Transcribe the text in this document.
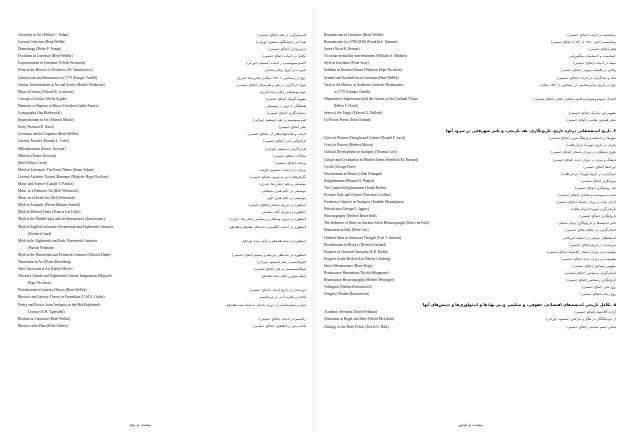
Creativity in Art (Milton C. Nahm)	آفرینش‌گری در هنر (صالح حسینی)
Literary Criticism (René Wellek)	نقد ادبی (جهانبگلو، مسعود جوزانی)
Dramaturgy (Helen P. Trimpi)	درام‌پردازی (صالح حسینی)
Evolution in Literature (René Wellek)	تکامل در ادبیات (صالح حسینی)
Expressionism in Literature (Ulrich Weisstein)	اکسپرسیونیسم در ادبیات (مسعود جوزانی)
Form in the History of Aesthetics (W. Tatarkiewicz)	صورت در تاریخ زیبایی‌شناسی
Genius from the Renaissance to 1770 (Giorgio Tonelli)	نبوغ از رنسانس تا ۱۷۷۰ میلادی (علی‌رضا حیدری)
Genius: Individualism in Art and Artists (Rudolf Wittkower)	نبوغ: فردگرایی در هنر و هنرمندان (صالح حسینی)
Musical Genius (Edward E. Lowinsky)	نبوغ موسیقایی (علی‌رضا حیدری)
Concept of Gothic (Wylie Sypher)	مفهوم گوتیک (صالح حسینی)
Harmony or Rapture in Music (Gretchen Ludke Finney)	هماهنگی یا شور در موسیقی
Iconography (Jan Białostocki)	شمایل‌نگاری (صالح حسینی)
Impressionism in Art (Thomas Munro)	امپرسیونیسم در هنر (مسعود جوزانی)
Irony (Norman D. Knox)	طنز (صالح حسینی)
Literature and Its Cognates (René Wellek)	ادبیات و هم‌خانواده‌های آن (صالح حسینی)
Literary Paradox (Rosalie L. Colie)	پارادوکس ادبی (صالح حسینی)
Millenarianism (Ernest Tuveson)	هزاره‌گرایی (مسعود جوزانی)
Mimesis (Ernest Tuveson)	محاکات (صالح حسینی)
Motif (Harry Levin)	بن‌مایه (صالح حسینی)
Motif in Literature: The Faust Theme (Stuart Atkins)	بن‌مایه در ادبیات: مضمون فاوست
Literary Attitudes Toward Mammon (Marjorie Hope Nicolson)	نگرش‌های ادبی به ممون (صالح حسینی)
Music and Science (Claude V. Palisca)	موسیقی و علم (علی‌رضا حیدری)
Music as a Demonic Art (Rolf Weinstock)	موسیقی در حکم هنری شیطانی
Music as a Divine Art (Rolf Weinstock)	موسیقی در حکم هنری الهی
Myth in Antiquity (Pierre-Maxime Schuhl)	اسطوره در دوران باستان (صالح حسینی)
Myth in Biblical Times (Francis Lee Utley)	اسطوره در دوران کتاب مقدس
Myth in the Middle Ages and the Renaissance (Jean Seznec)	اسطوره در قرون وسطی و رنسانس (علی‌رضا حیدری)
Myth in English Literature: Seventeenth and Eighteenth Centuries	اسطوره در ادبیات انگلیسی: سده‌های هفدهم و هجدهم
(Fredrick Gand)
Myth in the Eighteenth and Early Nineteenth Centuries	اسطوره در سده هجدهم و اوایل سده نوزدهم
(Burton Feldman)
Myth in the Nineteenth and Twentieth Centuries (Mircea Eliade)	اسطوره در سده‌های نوزدهم و بیستم (صالح حسینی)
Naturalism in Art (Pierre Rosenberg)	ناتورالیسم در هنر (مسعود جوزانی)
Neo-Classicism in Art (Daniel Heyer)	نئوکلاسیسیسم در هنر (صالح حسینی)
Newton's Opticks and Eighteenth-Century Imagination (Marjorie	اپتیک نیوتن و تخیل سده هجدهم
Hope Nicolson)
Periodization in Literary History (René Wellek)	دوره‌بندی در تاریخ ادبیات (صالح حسینی)
Rhetoric and Literary Theory in Formalism (G.M.A. Grube)	بلاغت و نظریه ادبی در فرمالیسم
Poetry and Poetics from Antiquity to the Mid-Eighteenth	شعر و شعرشناسی از دوران باستان تا میانه سده هجدهم
Century (S.H. Tigerstedt)
Realism in Literature (René Wellek)	رئالیسم در ادبیات (صالح حسینی)
Rhetoric after Plato (Felix Gilbert)	بلاغت پس از افلاطون (صالح حسینی)
Romanticism in Literature (René Wellek)	رمانتیسم در ادبیات (صالح حسینی)
Romanticism (ca.1780-1830) (Franklin L. Baumer)	رمانتیسم (حدود ۱۷۸۰ تا ۱۸۳۰) (صالح حسینی)
Satire (Alvin B. Kernan)	هجو (صالح حسینی)
Victorian Sensibility and Sentiment (William A. Madden)	حساسیت و احساسات ویکتوریایی
Style in Literature (Peter Gray)	سبک در ادبیات (صالح حسینی)
Sublime in External Nature (Marjorie Hope Nicolson)	والایی در طبیعت بیرونی (صالح حسینی)
Symbol and Symbolism in Literature (René Wellek)	نماد و نمادگرایی در ادبیات (صالح حسینی)
Taste in the History of Aesthetics from the Renaissance	ذوق در تاریخ زیبایی‌شناسی از رنسانس تا ۱۷۷۰ میلادی
to 1770 (Giorgio Tonelli)
Temperance (Sophrosyne) and the Canons of the Cardinal Virtues	اعتدال (سوفروسونه) و قانون فضایل اصلی (صالح حسینی)
(Helen F. North)
Sense of the Tragic (Edward G. Ballard)	مفهوم امر تراژیک (صالح حسینی)
Ut Pictura Poesis (John Graham)	شعر همچون نقاشی (صالح حسینی)
۴. تاریخ اندیشه‌هایی درباره تاریخ، تاریخ‌نگاری، نقد تاریخی، و تاثیر شهرهایی در سرود آنها
Cities in Western Thought and Culture (Donald F. Lach)	شهرها در اندیشه و فرهنگ غربی (صالح حسینی)
Crisis in History (Herbert Mason)	بحران در تاریخ (مهرداد ایرانی‌طلب)
Cultural Development in Antiquity (Thomas Cole)	تحول فرهنگی در دوران باستان (صالح حسینی)
Culture and Civilization in Modern Times (Friedrich M. Barnard)	فرهنگ و تمدن در دوران جدید (صالح حسینی)
Cycles (George Dore)	چرخه‌ها (صالح حسینی)
Determinism in History (Alan Donagan)	جبرگرایی در تاریخ (مهرداد ایرانی‌طلب)
Enlightenment (Roland O. Pepper)	روشنگری (صالح حسینی)
The Counter-Enlightenment (Isaiah Berlin)	ضد روشنگری (صالح حسینی)
Fortune, Fate, and Chance (Vincenzo Cioffari)	بخت، سرنوشت و تصادف (صالح حسینی)
Freedom of Speech in Antiquity (Arnaldo Momigliano)	آزادی بیان در دوران باستان (صالح حسینی)
Historicism (George G. Iggers)	تاریخی‌گری (مهرداد ایرانی‌طلب)
Historiography (Herbert Butterfield)	تاریخ‌نگاری (صالح حسینی)
The Influence of Ideas on Ancient Greek Historiography (Kurt von Fritz)	تاثیر اندیشه‌ها بر تاریخ‌نگاری یونان باستان
Humanism in Italy (Peter Gay)	انسان‌گرایی در ایتالیا (صالح حسینی)
Oriental Ideas in American Thought (Carl T. Jackson)	اندیشه‌های شرقی در اندیشه آمریکایی
Periodization in History (Dietrich Gerhard)	دوره‌بندی در تاریخ (صالح حسینی)
Progress in Classical Antiquity (E.R. Dodds)	پیشرفت در دوران باستان کلاسیک (صالح حسینی)
Progress in the Modern Era (Morris Ginsberg)	پیشرفت در دوران جدید (صالح حسینی)
Idea of Renaissance (Barry Kegs)	مفهوم رنسانس (صالح حسینی)
Renaissance Humanism (Nicola Abbagnano)	انسان‌گرایی رنسانس (صالح حسینی)
Renaissance Historiography (Herbert Weisinger)	تاریخ‌نگاری رنسانس (صالح حسینی)
Volksgeist (Nathan Rotenstreich)	روح ملی (صالح حسینی)
Zeitgeist (Nathan Rotenstreich)	روح زمانه (صالح حسینی)
۵. تکامل تاریخی اندیشه‌های اقتصادی، حقوقی، و سیاسی و نیز نهادها و ایدئولوژی‌ها و جنبش‌های آنها
Academic Freedom (David Fellman)	آزادی آکادمیک (صالح حسینی)
Alienation in Hegel and Marx (David McLellan)	از خودبیگانگی در هگل و مارکس (مسعود جوزانی)
Analogy of the Body Politic (David G. Hale)	قیاس جسم سیاسی (صالح حسینی)
بیست و پنج	بیست و شش
